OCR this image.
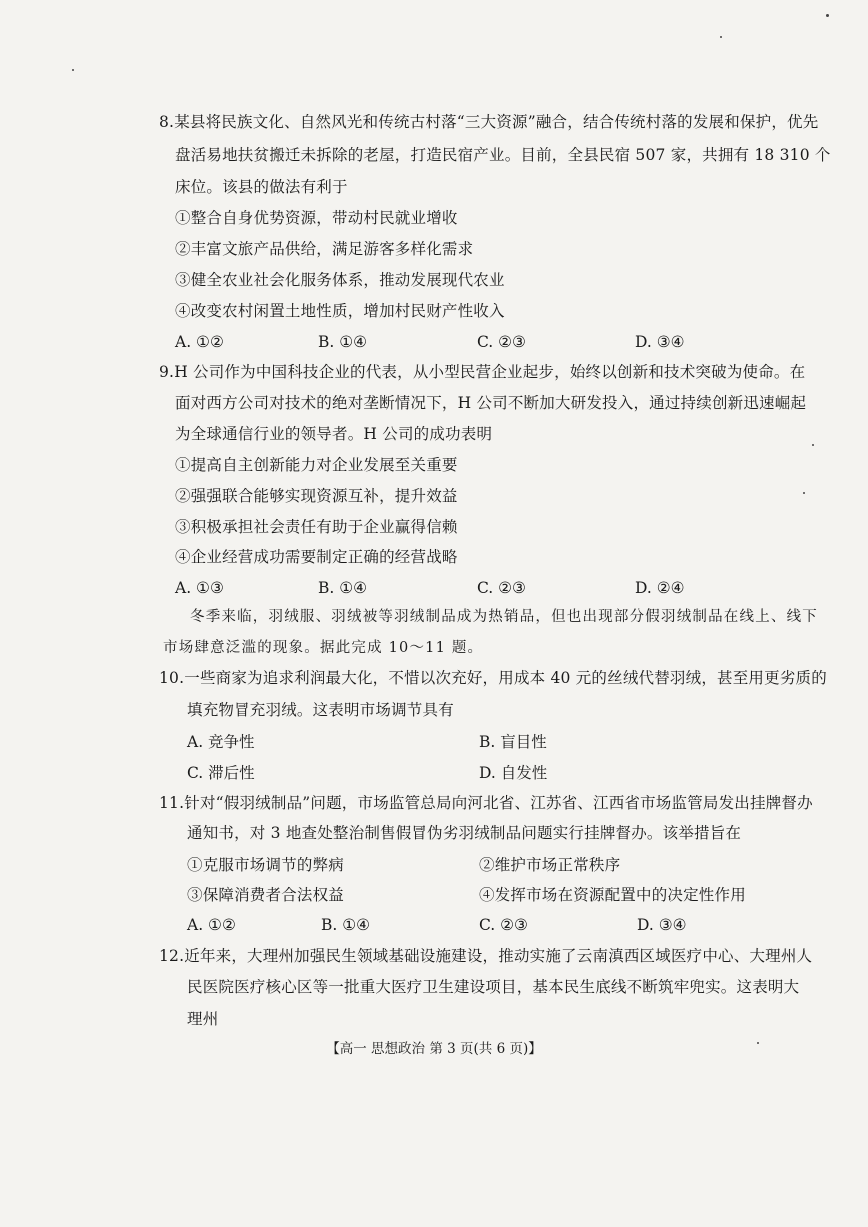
8.某县将民族文化、自然风光和传统古村落“三大资源”融合，结合传统村落的发展和保护，优先
盘活易地扶贫搬迁未拆除的老屋，打造民宿产业。目前，全县民宿 507 家，共拥有 18 310 个
床位。该县的做法有利于
①整合自身优势资源，带动村民就业增收
②丰富文旅产品供给，满足游客多样化需求
③健全农业社会化服务体系，推动发展现代农业
④改变农村闲置土地性质，增加村民财产性收入
A. ①②	B. ①④	C. ②③	D. ③④
9.H 公司作为中国科技企业的代表，从小型民营企业起步，始终以创新和技术突破为使命。在
面对西方公司对技术的绝对垄断情况下，H 公司不断加大研发投入，通过持续创新迅速崛起
为全球通信行业的领导者。H 公司的成功表明
①提高自主创新能力对企业发展至关重要
②强强联合能够实现资源互补，提升效益
③积极承担社会责任有助于企业赢得信赖
④企业经营成功需要制定正确的经营战略
A. ①③	B. ①④	C. ②③	D. ②④
冬季来临，羽绒服、羽绒被等羽绒制品成为热销品，但也出现部分假羽绒制品在线上、线下
市场肆意泛滥的现象。据此完成 10～11 题。
10.一些商家为追求利润最大化，不惜以次充好，用成本 40 元的丝绒代替羽绒，甚至用更劣质的
填充物冒充羽绒。这表明市场调节具有
A. 竞争性	B. 盲目性
C. 滞后性	D. 自发性
11.针对“假羽绒制品”问题，市场监管总局向河北省、江苏省、江西省市场监管局发出挂牌督办
通知书，对 3 地查处整治制售假冒伪劣羽绒制品问题实行挂牌督办。该举措旨在
①克服市场调节的弊病	②维护市场正常秩序
③保障消费者合法权益	④发挥市场在资源配置中的决定性作用
A. ①②	B. ①④	C. ②③	D. ③④
12.近年来，大理州加强民生领域基础设施建设，推动实施了云南滇西区域医疗中心、大理州人
民医院医疗核心区等一批重大医疗卫生建设项目，基本民生底线不断筑牢兜实。这表明大
理州
【高一 思想政治 第 3 页(共 6 页)】
